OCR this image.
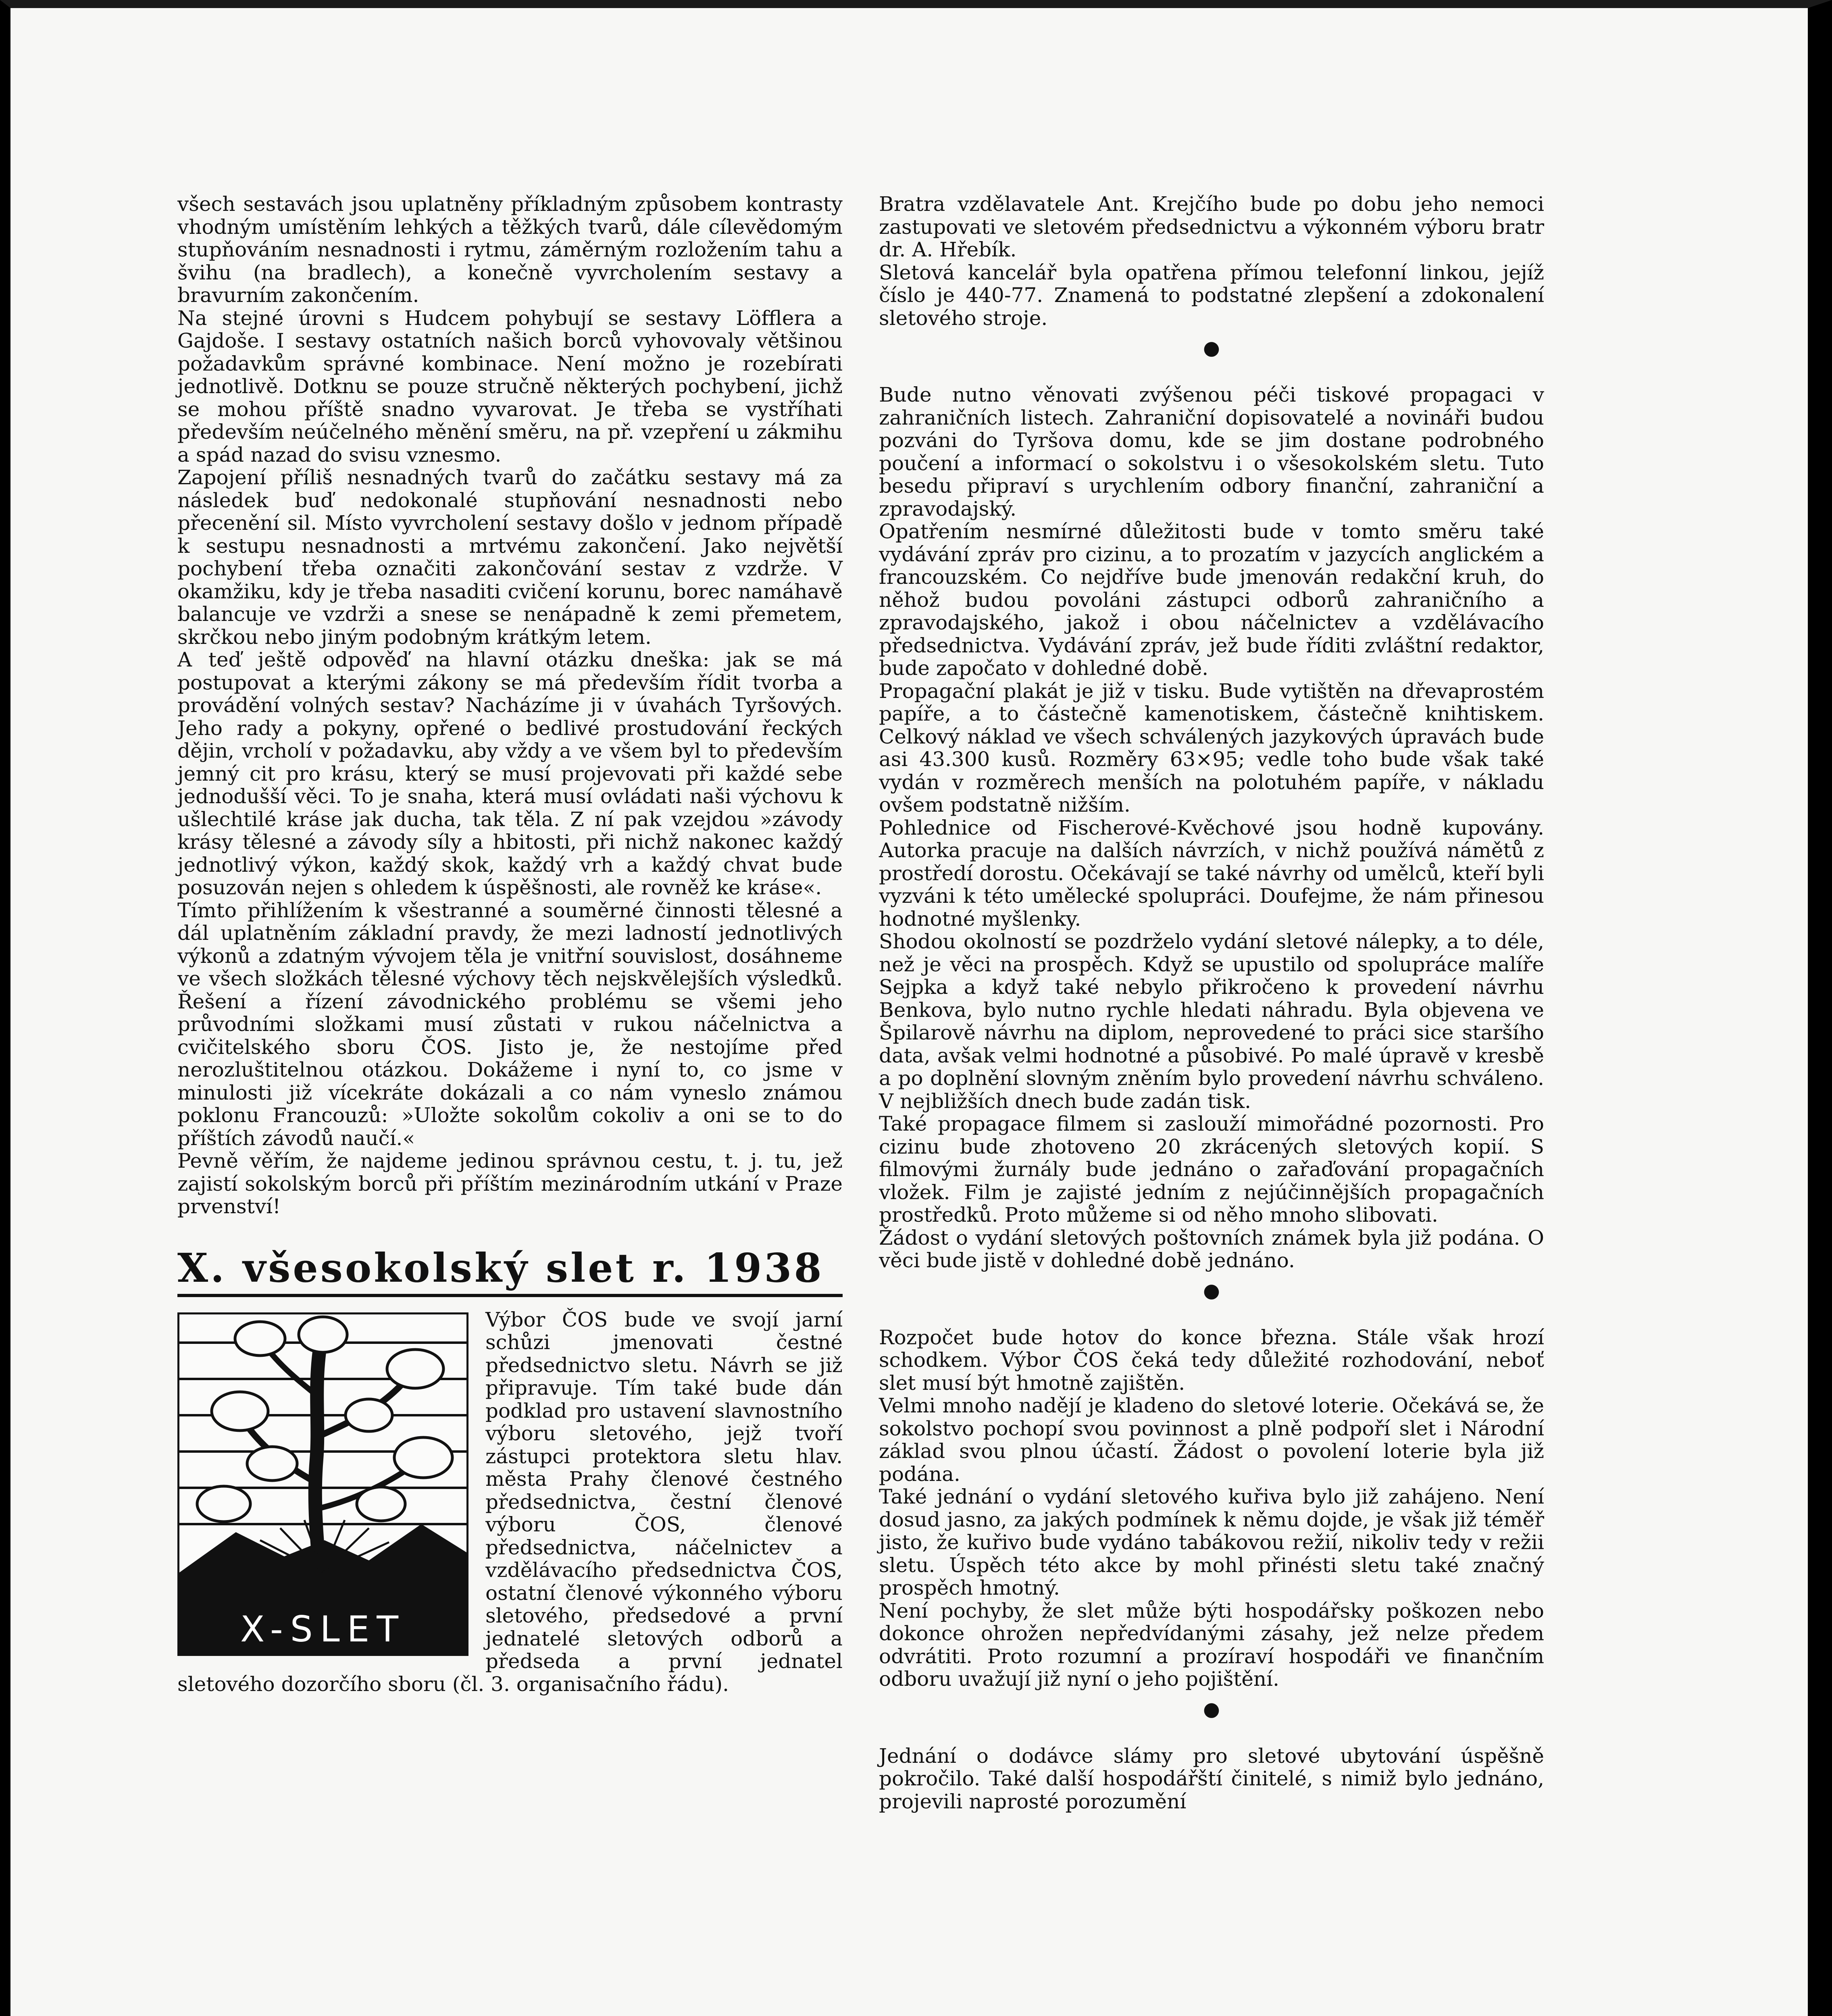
všech sestavách jsou uplatněny příkladným způsobem kontrasty vhodným umístěním lehkých a těžkých tvarů, dále cílevědomým stupňováním nesnadnosti i rytmu, záměrným rozložením tahu a švihu (na bradlech), a konečně vyvrcholením sestavy a bravurním zakončením.

Na stejné úrovni s Hudcem pohybují se sestavy Löfflera a Gajdoše. I sestavy ostatních našich borců vyhovovaly většinou požadavkům správné kombinace. Není možno je rozebírati jednotlivě. Dotknu se pouze stručně některých pochybení, jichž se mohou příště snadno vyvarovat. Je třeba se vystříhati především neúčelného měnění směru, na př. vzepření u zákmihu a spád nazad do svisu vznesmo.

Zapojení příliš nesnadných tvarů do začátku sestavy má za následek buď nedokonalé stupňování nesnadnosti nebo přecenění sil. Místo vyvrcholení sestavy došlo v jednom případě k sestupu nesnadnosti a mrtvému zakončení. Jako největší pochybení třeba označiti zakončování sestav z vzdrže. V okamžiku, kdy je třeba nasaditi cvičení korunu, borec namáhavě balancuje ve vzdrži a snese se nenápadně k zemi přemetem, skrčkou nebo jiným podobným krátkým letem.

A teď ještě odpověď na hlavní otázku dneška: jak se má postupovat a kterými zákony se má především řídit tvorba a provádění volných sestav? Nacházíme ji v úvahách Tyršových. Jeho rady a pokyny, opřené o bedlivé prostudování řeckých dějin, vrcholí v požadavku, aby vždy a ve všem byl to především jemný cit pro krásu, který se musí projevovati při každé sebe jednodušší věci. To je snaha, která musí ovládati naši výchovu k ušlechtilé kráse jak ducha, tak těla. Z ní pak vzejdou »závody krásy tělesné a závody síly a hbitosti, při nichž nakonec každý jednotlivý výkon, každý skok, každý vrh a každý chvat bude posuzován nejen s ohledem k úspěšnosti, ale rovněž ke kráse«.

Tímto přihlížením k všestranné a souměrné činnosti tělesné a dál uplatněním základní pravdy, že mezi ladností jednotlivých výkonů a zdatným vývojem těla je vnitřní souvislost, dosáhneme ve všech složkách tělesné výchovy těch nejskvělejších výsledků. Řešení a řízení závodnického problému se všemi jeho průvodními složkami musí zůstati v rukou náčelnictva a cvičitelského sboru ČOS. Jisto je, že nestojíme před nerozluštitelnou otázkou. Dokážeme i nyní to, co jsme v minulosti již vícekráte dokázali a co nám vyneslo známou poklonu Francouzů: »Uložte sokolům cokoliv a oni se to do příštích závodů naučí.«

Pevně věřím, že najdeme jedinou správnou cestu, t. j. tu, jež zajistí sokolským borců při příštím mezinárodním utkání v Praze prvenství!

X. všesokolský slet r. 1938
X-SLET

Výbor ČOS bude ve svojí jarní schůzi jmenovati čestné předsednictvo sletu. Návrh se již připravuje. Tím také bude dán podklad pro ustavení slavnostního výboru sletového, jejž tvoří zástupci protektora sletu hlav. města Prahy členové čestného předsednictva, čestní členové výboru ČOS, členové předsednictva, náčelnictev a vzdělávacího předsednictva ČOS, ostatní členové výkonného výboru sletového, předsedové a první jednatelé sletových odborů a předseda a první jednatel sletového dozorčího sboru (čl. 3. organisačního řádu).

Bratra vzdělavatele Ant. Krejčího bude po dobu jeho nemoci zastupovati ve sletovém předsednictvu a výkonném výboru bratr dr. A. Hřebík.

Sletová kancelář byla opatřena přímou telefonní linkou, jejíž číslo je 440-77. Znamená to podstatné zlepšení a zdokonalení sletového stroje.

●

Bude nutno věnovati zvýšenou péči tiskové propagaci v zahraničních listech. Zahraniční dopisovatelé a novináři budou pozváni do Tyršova domu, kde se jim dostane podrobného poučení a informací o sokolstvu i o všesokolském sletu. Tuto besedu připraví s urychlením odbory finanční, zahraniční a zpravodajský.

Opatřením nesmírné důležitosti bude v tomto směru také vydávání zpráv pro cizinu, a to prozatím v jazycích anglickém a francouzském. Co nejdříve bude jmenován redakční kruh, do něhož budou povoláni zástupci odborů zahraničního a zpravodajského, jakož i obou náčelnictev a vzdělávacího předsednictva. Vydávání zpráv, jež bude říditi zvláštní redaktor, bude započato v dohledné době.

Propagační plakát je již v tisku. Bude vytištěn na dřevaprostém papíře, a to částečně kamenotiskem, částečně knihtiskem. Celkový náklad ve všech schválených jazykových úpravách bude asi 43.300 kusů. Rozměry 63×95; vedle toho bude však také vydán v rozměrech menších na polotuhém papíře, v nákladu ovšem podstatně nižším.

Pohlednice od Fischerové-Kvěchové jsou hodně kupovány. Autorka pracuje na dalších návrzích, v nichž používá námětů z prostředí dorostu. Očekávají se také návrhy od umělců, kteří byli vyzváni k této umělecké spolupráci. Doufejme, že nám přinesou hodnotné myšlenky.

Shodou okolností se pozdrželo vydání sletové nálepky, a to déle, než je věci na prospěch. Když se upustilo od spolupráce malíře Sejpka a když také nebylo přikročeno k provedení návrhu Benkova, bylo nutno rychle hledati náhradu. Byla objevena ve Špilarově návrhu na diplom, neprovedené to práci sice staršího data, avšak velmi hodnotné a působivé. Po malé úpravě v kresbě a po doplnění slovným zněním bylo provedení návrhu schváleno. V nejbližších dnech bude zadán tisk.

Také propagace filmem si zaslouží mimořádné pozornosti. Pro cizinu bude zhotoveno 20 zkrácených sletových kopií. S filmovými žurnály bude jednáno o zařaďování propagačních vložek. Film je zajisté jedním z nejúčinnějších propagačních prostředků. Proto můžeme si od něho mnoho slibovati.

Žádost o vydání sletových poštovních známek byla již podána. O věci bude jistě v dohledné době jednáno.

●

Rozpočet bude hotov do konce března. Stále však hrozí schodkem. Výbor ČOS čeká tedy důležité rozhodování, neboť slet musí být hmotně zajištěn.

Velmi mnoho nadějí je kladeno do sletové loterie. Očekává se, že sokolstvo pochopí svou povinnost a plně podpoří slet i Národní základ svou plnou účastí. Žádost o povolení loterie byla již podána.

Také jednání o vydání sletového kuřiva bylo již zahájeno. Není dosud jasno, za jakých podmínek k němu dojde, je však již téměř jisto, že kuřivo bude vydáno tabákovou režií, nikoliv tedy v režii sletu. Úspěch této akce by mohl přinésti sletu také značný prospěch hmotný.

Není pochyby, že slet může býti hospodářsky poškozen nebo dokonce ohrožen nepředvídanými zásahy, jež nelze předem odvrátiti. Proto rozumní a prozíraví hospodáři ve finančním odboru uvažují již nyní o jeho pojištění.

●

Jednání o dodávce slámy pro sletové ubytování úspěšně pokročilo. Také další hospodářští činitelé, s nimiž bylo jednáno, projevili naprosté porozumění
